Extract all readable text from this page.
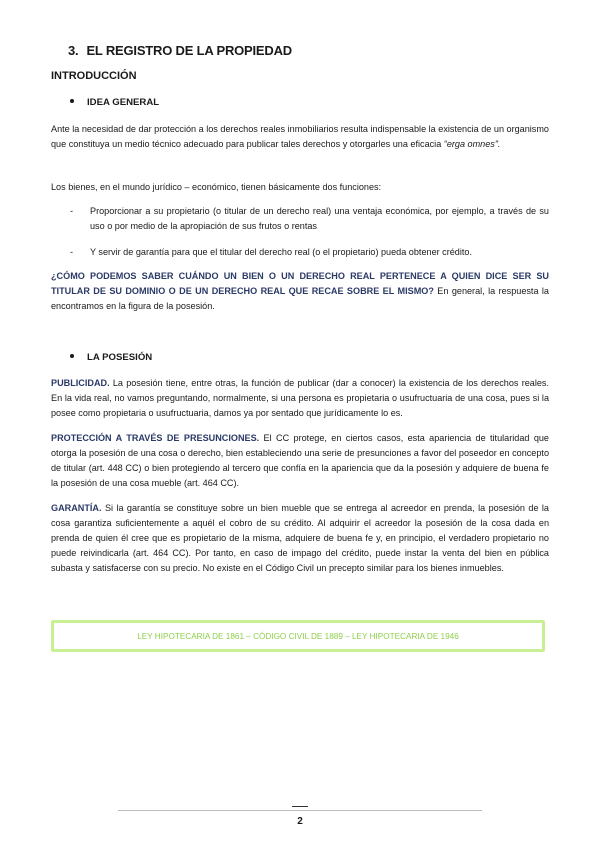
3. EL REGISTRO DE LA PROPIEDAD
INTRODUCCIÓN
IDEA GENERAL
Ante la necesidad de dar protección a los derechos reales inmobiliarios resulta indispensable la existencia de un organismo que constituya un medio técnico adecuado para publicar tales derechos y otorgarles una eficacia “erga omnes”.
Los bienes, en el mundo jurídico – económico, tienen básicamente dos funciones:
- Proporcionar a su propietario (o titular de un derecho real) una ventaja económica, por ejemplo, a través de su uso o por medio de la apropiación de sus frutos o rentas
- Y servir de garantía para que el titular del derecho real (o el propietario) pueda obtener crédito.
¿CÓMO PODEMOS SABER CUÁNDO UN BIEN O UN DERECHO REAL PERTENECE A QUIEN DICE SER SU TITULAR DE SU DOMINIO O DE UN DERECHO REAL QUE RECAE SOBRE EL MISMO? En general, la respuesta la encontramos en la figura de la posesión.
LA POSESIÓN
PUBLICIDAD. La posesión tiene, entre otras, la función de publicar (dar a conocer) la existencia de los derechos reales. En la vida real, no vamos preguntando, normalmente, si una persona es propietaria o usufructuaria de una cosa, pues si la posee como propietaria o usufructuaria, damos ya por sentado que jurídicamente lo es.
PROTECCIÓN A TRAVÉS DE PRESUNCIONES. El CC protege, en ciertos casos, esta apariencia de titularidad que otorga la posesión de una cosa o derecho, bien estableciendo una serie de presunciones a favor del poseedor en concepto de titular (art. 448 CC) o bien protegiendo al tercero que confía en la apariencia que da la posesión y adquiere de buena fe la posesión de una cosa mueble (art. 464 CC).
GARANTÍA. Si la garantía se constituye sobre un bien mueble que se entrega al acreedor en prenda, la posesión de la cosa garantiza suficientemente a aquél el cobro de su crédito. Al adquirir el acreedor la posesión de la cosa dada en prenda de quien él cree que es propietario de la misma, adquiere de buena fe y, en principio, el verdadero propietario no puede reivindicarla (art. 464 CC). Por tanto, en caso de impago del crédito, puede instar la venta del bien en pública subasta y satisfacerse con su precio. No existe en el Código Civil un precepto similar para los bienes inmuebles.
LEY HIPOTECARIA DE 1861 – CÓDIGO CIVIL DE 1889 – LEY HIPOTECARIA DE 1946
2
